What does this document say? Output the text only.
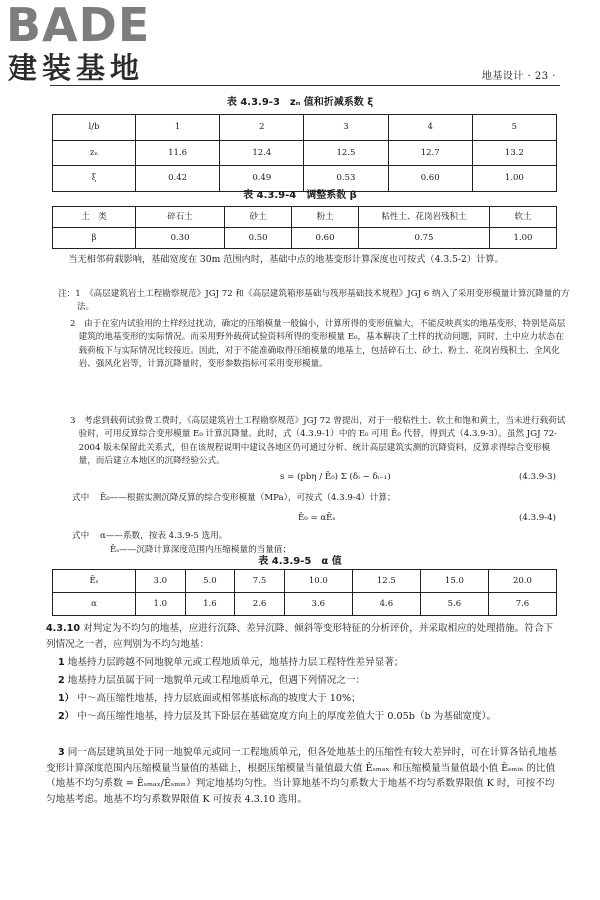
BADE
建装基地	地基设计 · 23 ·
表 4.3.9-3　zₙ 值和折减系数 ξ
l/b	1	2	3	4	5
zₙ	11.6	12.4	12.5	12.7	13.2
ξ	0.42	0.49	0.53	0.60	1.00
表 4.3.9-4　调整系数 β
土　类	碎石土	砂土	粉土	粘性土、花岗岩残积土	软土
β	0.30	0.50	0.60	0.75	1.00
当无相邻荷载影响，基础宽度在 30m 范围内时，基础中点的地基变形计算深度也可按式（4.3.5-2）计算。
注：1　《高层建筑岩土工程勘察规范》JGJ 72 和《高层建筑箱形基础与筏形基础技术规程》JGJ 6 纳入了采用变形模量计算沉降量的方法。
2　由于在室内试验用的土样经过扰动，确定的压缩模量一般偏小，计算所得的变形值偏大，不能反映真实的地基变形，特别是高层建筑的地基变形的实际情况。而采用野外载荷试验资料所得的变形模量 E₀，基本解决了土样的扰动问题，同时，土中应力状态在载荷板下与实际情况比较接近。因此，对于不能准确取得压缩模量的地基土，包括碎石土、砂土、粉土、花岗岩残积土、全风化岩、强风化岩等，计算沉降量时，变形参数指标可采用变形模量。
3　考虑到载荷试验费工费时，《高层建筑岩土工程勘察规范》JGJ 72 曾提出，对于一般粘性土、软土和饱和黄土，当未进行载荷试验时，可用反算综合变形模量 E₀ 计算沉降量。此时，式（4.3.9-1）中的 E₀ 可用 Ē₀ 代替，得到式（4.3.9-3）。虽然 JGJ 72-2004 版未保留此关系式，但在该规程说明中建议各地区仍可通过分析、统计高层建筑实测的沉降资料，反算求得综合变形模量，而后建立本地区的沉降经验公式。
s = (pbη / Ē₀) Σ (δᵢ − δᵢ₋₁)	(4.3.9-3)
式中 Ē₀——根据实测沉降反算的综合变形模量（MPa），可按式（4.3.9-4）计算；
Ē₀ = αĒₛ	(4.3.9-4)
式中 α——系数，按表 4.3.9-5 选用。
Ēₛ——沉降计算深度范围内压缩模量的当量值；
表 4.3.9-5　α 值
Ēₛ	3.0	5.0	7.5	10.0	12.5	15.0	20.0
α	1.0	1.6	2.6	3.6	4.6	5.6	7.6
4.3.10 对判定为不均匀的地基，应进行沉降、差异沉降、倾斜等变形特征的分析评价，并采取相应的处理措施。符合下列情况之一者，应判别为不均匀地基：
1 地基持力层跨越不同地貌单元或工程地质单元，地基持力层工程特性差异显著；
2 地基持力层虽属于同一地貌单元或工程地质单元，但遇下列情况之一：
1） 中～高压缩性地基，持力层底面或相邻基底标高的坡度大于 10%；
2） 中～高压缩性地基，持力层及其下卧层在基础宽度方向上的厚度差值大于 0.05b（b 为基础宽度）。
3 同一高层建筑虽处于同一地貌单元或同一工程地质单元，但各处地基土的压缩性有较大差异时，可在计算各钻孔地基变形计算深度范围内压缩模量当量值的基础上，根据压缩模量当量值最大值 Ēₛₘₐₓ 和压缩模量当量值最小值 Ēₛₘᵢₙ 的比值（地基不均匀系数 = Ēₛₘₐₓ/Ēₛₘᵢₙ）判定地基均匀性。当计算地基不均匀系数大于地基不均匀系数界限值 K 时，可按不均匀地基考虑。地基不均匀系数界限值 K 可按表 4.3.10 选用。
